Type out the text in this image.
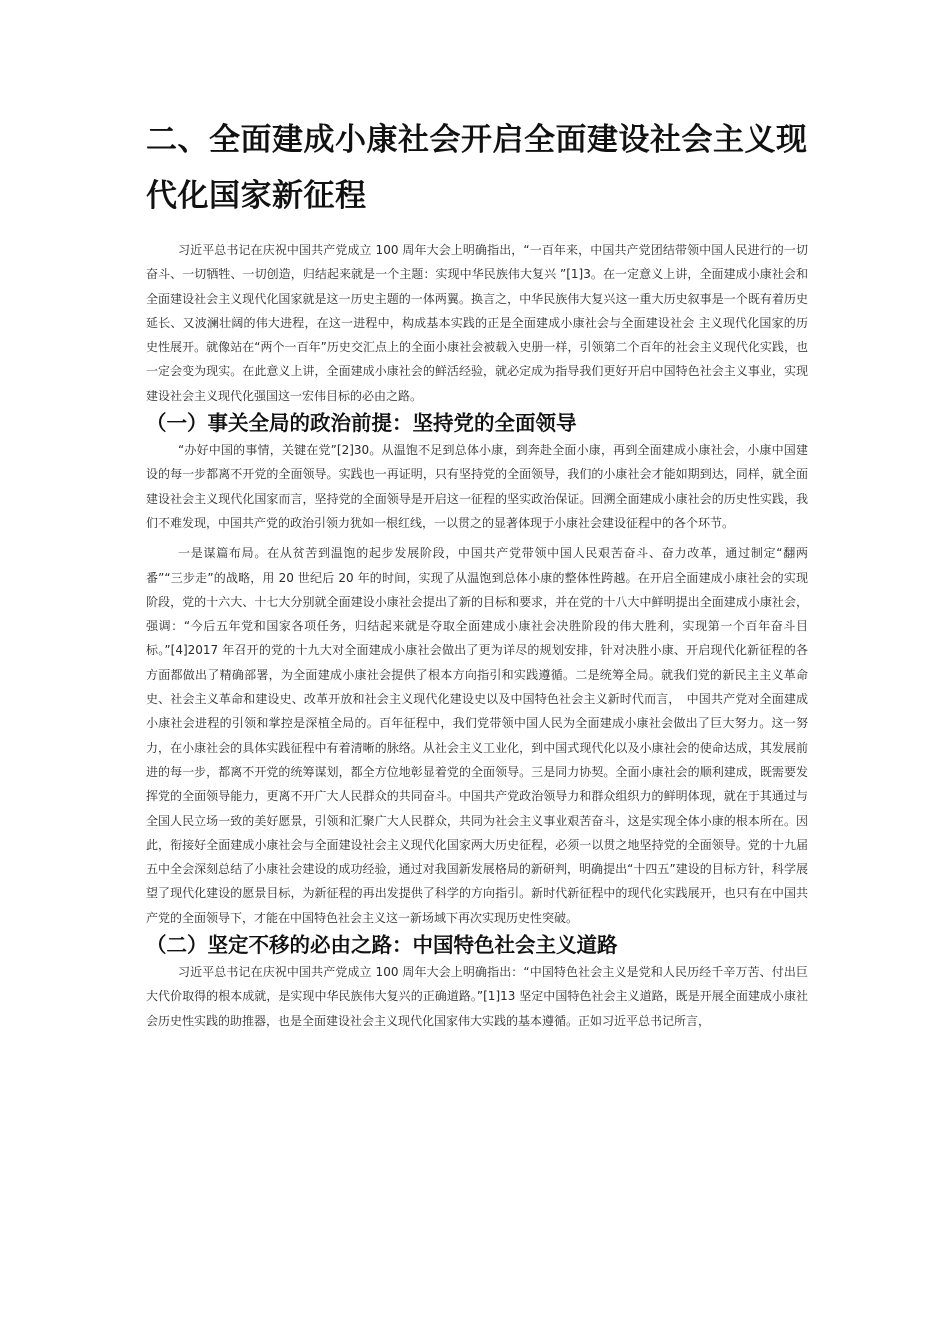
二、全面建成小康社会开启全面建设社会主义现代化国家新征程

习近平总书记在庆祝中国共产党成立 100 周年大会上明确指出，“一百年来，中国共产党团结带领中国人民进行的一切奋斗、一切牺牲、一切创造，归结起来就是一个主题：实现中华民族伟大复兴 ”[1]3。在一定意义上讲，全面建成小康社会和全面建设社会主义现代化国家就是这一历史主题的一体两翼。换言之，中华民族伟大复兴这一重大历史叙事是一个既有着历史延长、又波澜壮阔的伟大进程，在这一进程中，构成基本实践的正是全面建成小康社会与全面建设社会 主义现代化国家的历史性展开。就像站在“两个一百年”历史交汇点上的全面小康社会被载入史册一样，引领第二个百年的社会主义现代化实践，也一定会变为现实。在此意义上讲，全面建成小康社会的鲜活经验，就必定成为指导我们更好开启中国特色社会主义事业，实现建设社会主义现代化强国这一宏伟目标的必由之路。

（一）事关全局的政治前提：坚持党的全面领导

“办好中国的事情，关键在党”[2]30。从温饱不足到总体小康，到奔赴全面小康，再到全面建成小康社会，小康中国建设的每一步都离不开党的全面领导。实践也一再证明，只有坚持党的全面领导，我们的小康社会才能如期到达，同样，就全面建设社会主义现代化国家而言，坚持党的全面领导是开启这一征程的坚实政治保证。回溯全面建成小康社会的历史性实践，我们不难发现，中国共产党的政治引领力犹如一根红线，一以贯之的显著体现于小康社会建设征程中的各个环节。

一是谋篇布局。在从贫苦到温饱的起步发展阶段，中国共产党带领中国人民艰苦奋斗、奋力改革，通过制定“翻两番”“三步走”的战略，用 20 世纪后 20 年的时间，实现了从温饱到总体小康的整体性跨越。在开启全面建成小康社会的实现阶段，党的十六大、十七大分别就全面建设小康社会提出了新的目标和要求，并在党的十八大中鲜明提出全面建成小康社会，强调：“今后五年党和国家各项任务，归结起来就是夺取全面建成小康社会决胜阶段的伟大胜利，实现第一个百年奋斗目标。”[4]2017 年召开的党的十九大对全面建成小康社会做出了更为详尽的规划安排，针对决胜小康、开启现代化新征程的各方面都做出了精确部署，为全面建成小康社会提供了根本方向指引和实践遵循。二是统筹全局。就我们党的新民主主义革命史、社会主义革命和建设史、改革开放和社会主义现代化建设史以及中国特色社会主义新时代而言，　中国共产党对全面建成小康社会进程的引领和掌控是深植全局的。百年征程中，我们党带领中国人民为全面建成小康社会做出了巨大努力。这一努力，在小康社会的具体实践征程中有着清晰的脉络。从社会主义工业化，到中国式现代化以及小康社会的使命达成，其发展前进的每一步，都离不开党的统筹谋划，都全方位地彰显着党的全面领导。三是同力协契。全面小康社会的顺利建成，既需要发挥党的全面领导能力，更离不开广大人民群众的共同奋斗。中国共产党政治领导力和群众组织力的鲜明体现，就在于其通过与全国人民立场一致的美好愿景，引领和汇聚广大人民群众，共同为社会主义事业艰苦奋斗，这是实现全体小康的根本所在。因此，衔接好全面建成小康社会与全面建设社会主义现代化国家两大历史征程，必须一以贯之地坚持党的全面领导。党的十九届五中全会深刻总结了小康社会建设的成功经验，通过对我国新发展格局的新研判，明确提出“十四五”建设的目标方针，科学展望了现代化建设的愿景目标，为新征程的再出发提供了科学的方向指引。新时代新征程中的现代化实践展开，也只有在中国共产党的全面领导下，才能在中国特色社会主义这一新场域下再次实现历史性突破。

（二）坚定不移的必由之路：中国特色社会主义道路

习近平总书记在庆祝中国共产党成立 100 周年大会上明确指出：“中国特色社会主义是党和人民历经千辛万苦、付出巨大代价取得的根本成就，是实现中华民族伟大复兴的正确道路。”[1]13 坚定中国特色社会主义道路，既是开展全面建成小康社会历史性实践的助推器，也是全面建设社会主义现代化国家伟大实践的基本遵循。正如习近平总书记所言，
